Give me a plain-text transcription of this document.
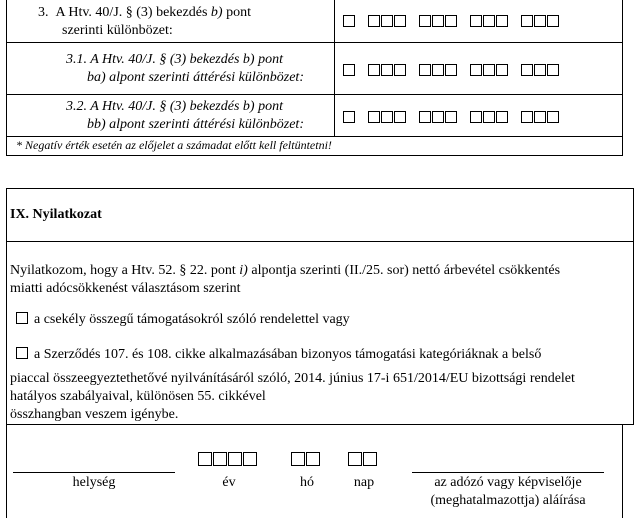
3. A Htv. 40/J. § (3) bekezdés b) pont
szerinti különbözet:
3.1. A Htv. 40/J. § (3) bekezdés b) pont
ba) alpont szerinti áttérési különbözet:
3.2. A Htv. 40/J. § (3) bekezdés b) pont
bb) alpont szerinti áttérési különbözet:
* Negatív érték esetén az előjelet a számadat előtt kell feltüntetni!
IX. Nyilatkozat
Nyilatkozom, hogy a Htv. 52. § 22. pont i) alpontja szerinti (II./25. sor) nettó árbevétel csökkentés
miatti adócsökkenést választásom szerint
a csekély összegű támogatásokról szóló rendelettel vagy
a Szerződés 107. és 108. cikke alkalmazásában bizonyos támogatási kategóriáknak a belső
piaccal összeegyeztethetővé nyilvánításáról szóló, 2014. június 17-i 651/2014/EU bizottsági rendelet
hatályos szabályaival, különösen 55. cikkével
összhangban veszem igénybe.
helység	év	hó	nap	az adózó vagy képviselője
(meghatalmazottja) aláírása
